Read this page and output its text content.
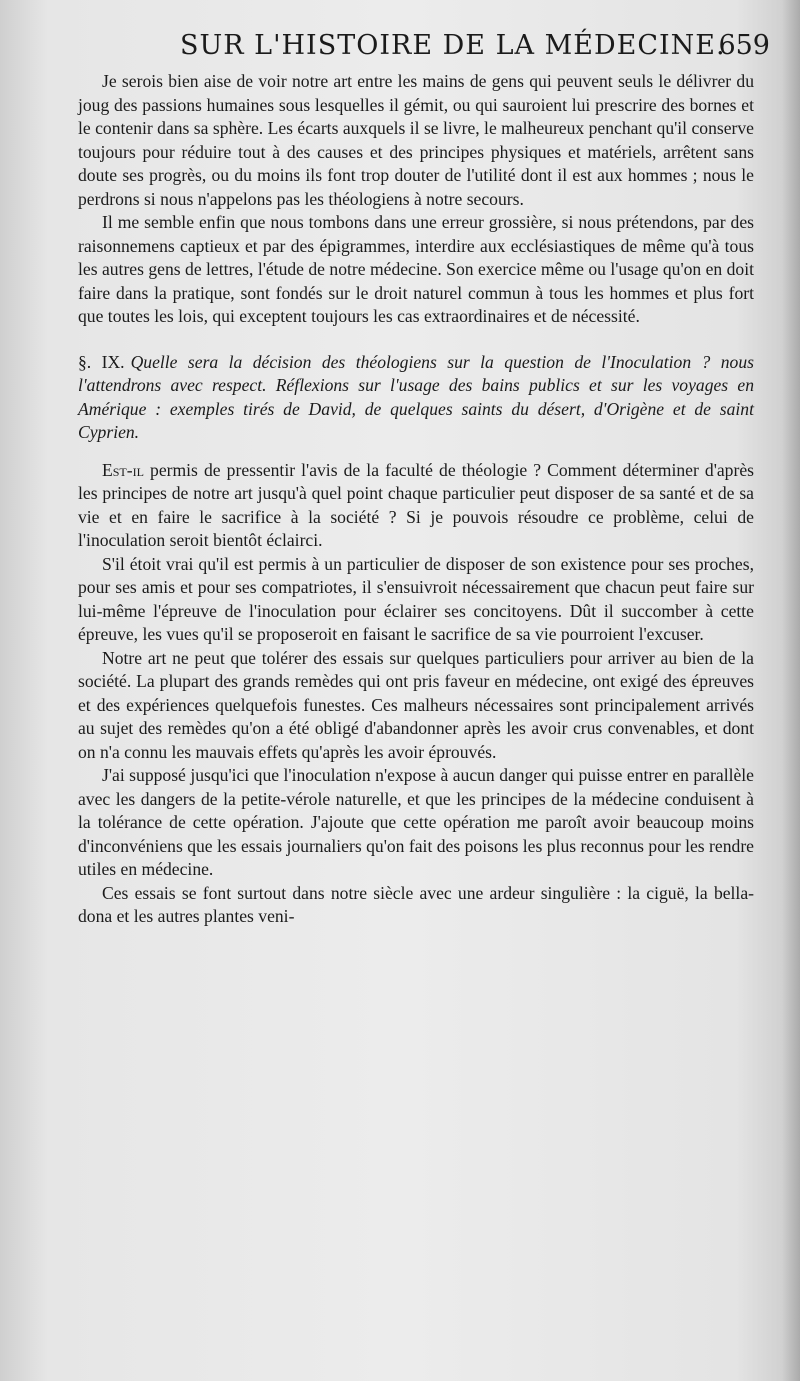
SUR L'HISTOIRE DE LA MÉDECINE.
659

Je serois bien aise de voir notre art entre les mains de gens qui peuvent seuls le délivrer du joug des passions humaines sous lesquelles il gémit, ou qui sauroient lui prescrire des bornes et le contenir dans sa sphère. Les écarts auxquels il se livre, le malheureux penchant qu'il conserve toujours pour réduire tout à des causes et des principes physiques et matériels, arrêtent sans doute ses progrès, ou du moins ils font trop douter de l'utilité dont il est aux hommes ; nous le perdrons si nous n'appelons pas les théologiens à notre secours.

Il me semble enfin que nous tombons dans une erreur grossière, si nous prétendons, par des raisonnemens captieux et par des épigrammes, interdire aux ecclésiastiques de même qu'à tous les autres gens de lettres, l'étude de notre médecine. Son exercice même ou l'usage qu'on en doit faire dans la pratique, sont fondés sur le droit naturel commun à tous les hommes et plus fort que toutes les lois, qui exceptent toujours les cas extraordinaires et de nécessité.

§. IX. Quelle sera la décision des théologiens sur la question de l'Inoculation ? nous l'attendrons avec respect. Réflexions sur l'usage des bains publics et sur les voyages en Amérique : exemples tirés de David, de quelques saints du désert, d'Origène et de saint Cyprien.

Est-il permis de pressentir l'avis de la faculté de théologie ? Comment déterminer d'après les principes de notre art jusqu'à quel point chaque particulier peut disposer de sa santé et de sa vie et en faire le sacrifice à la société ? Si je pouvois résoudre ce problème, celui de l'inoculation seroit bientôt éclairci.

S'il étoit vrai qu'il est permis à un particulier de disposer de son existence pour ses proches, pour ses amis et pour ses compatriotes, il s'ensuivroit nécessairement que chacun peut faire sur lui-même l'épreuve de l'inoculation pour éclairer ses concitoyens. Dût il succomber à cette épreuve, les vues qu'il se proposeroit en faisant le sacrifice de sa vie pourroient l'excuser.

Notre art ne peut que tolérer des essais sur quelques particuliers pour arriver au bien de la société. La plupart des grands remèdes qui ont pris faveur en médecine, ont exigé des épreuves et des expériences quelquefois funestes. Ces malheurs nécessaires sont principalement arrivés au sujet des remèdes qu'on a été obligé d'abandonner après les avoir crus convenables, et dont on n'a connu les mauvais effets qu'après les avoir éprouvés.

J'ai supposé jusqu'ici que l'inoculation n'expose à aucun danger qui puisse entrer en parallèle avec les dangers de la petite-vérole naturelle, et que les principes de la médecine conduisent à la tolérance de cette opération. J'ajoute que cette opération me paroît avoir beaucoup moins d'inconvéniens que les essais journaliers qu'on fait des poisons les plus reconnus pour les rendre utiles en médecine.

Ces essais se font surtout dans notre siècle avec une ardeur singulière : la ciguë, la bella-dona et les autres plantes veni-
